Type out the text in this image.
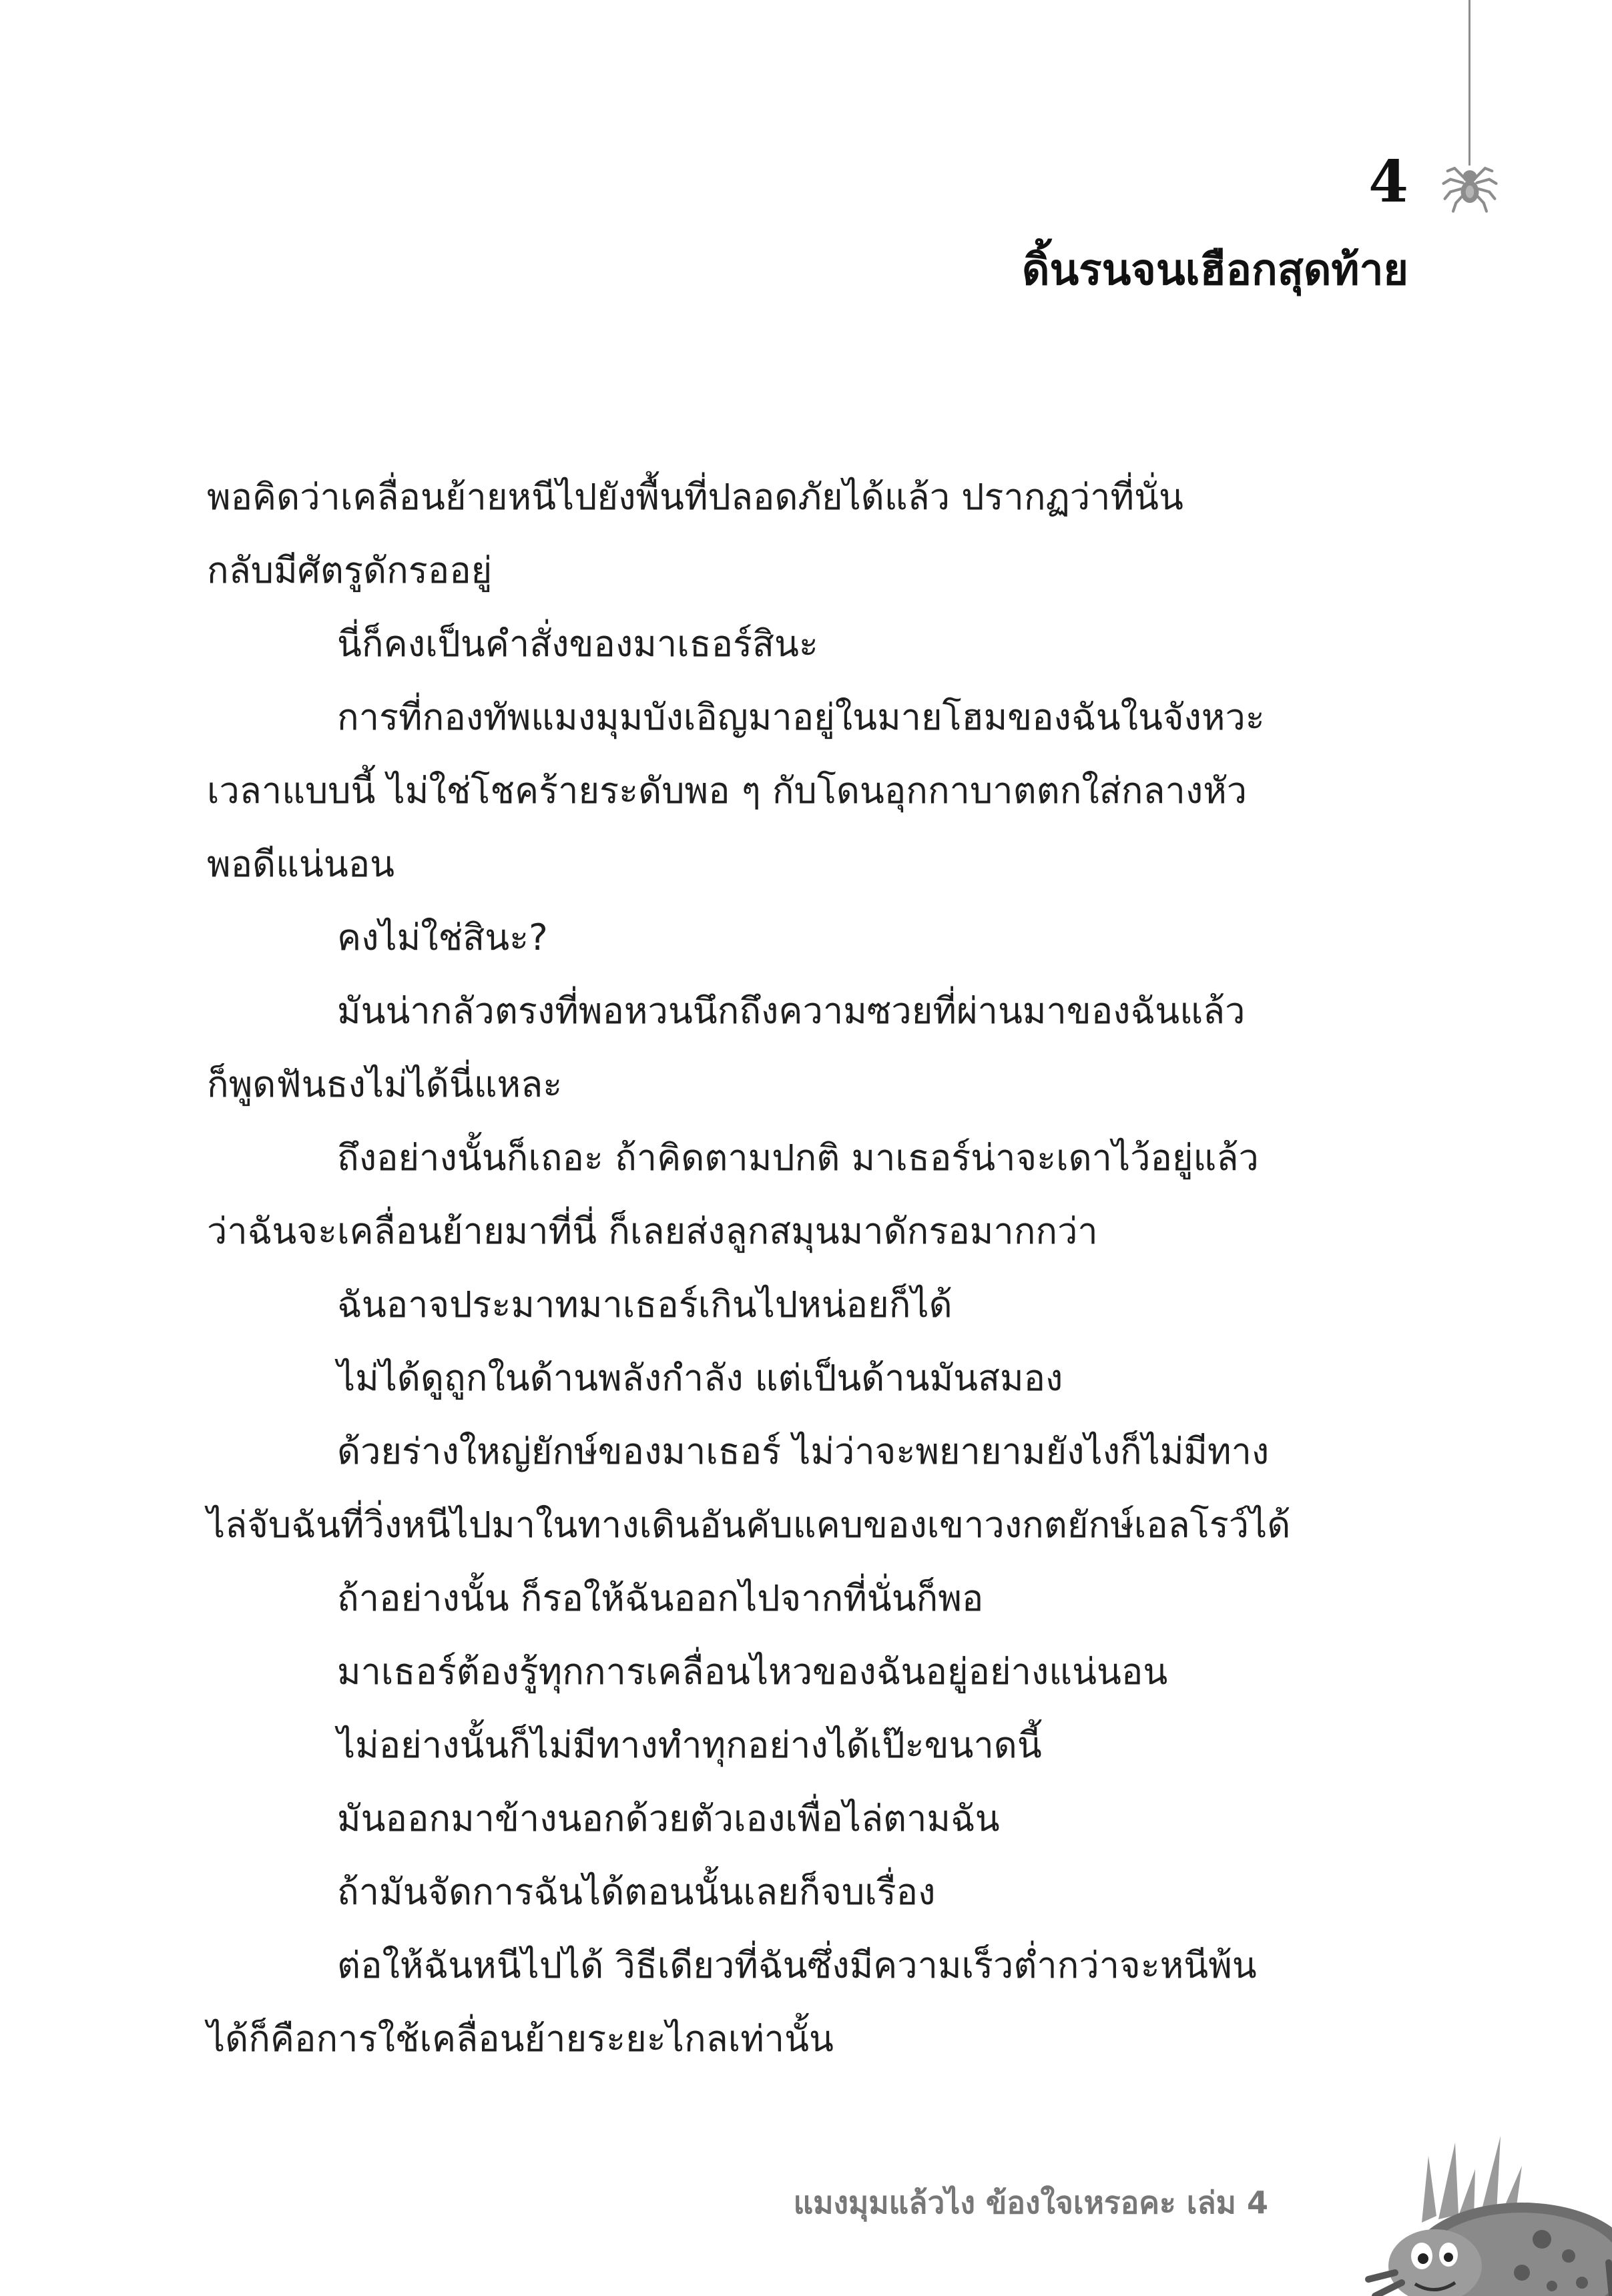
4
ดิ้นรนจนเฮือกสุดท้าย
พอคิดว่าเคลื่อนย้ายหนีไปยังพื้นที่ปลอดภัยได้แล้ว ปรากฏว่าที่นั่น
กลับมีศัตรูดักรออยู่
นี่ก็คงเป็นคำสั่งของมาเธอร์สินะ
การที่กองทัพแมงมุมบังเอิญมาอยู่ในมายโฮมของฉันในจังหวะ
เวลาแบบนี้ ไม่ใช่โชคร้ายระดับพอ ๆ กับโดนอุกกาบาตตกใส่กลางหัว
พอดีแน่นอน
คงไม่ใช่สินะ?
มันน่ากลัวตรงที่พอหวนนึกถึงความซวยที่ผ่านมาของฉันแล้ว
ก็พูดฟันธงไม่ได้นี่แหละ
ถึงอย่างนั้นก็เถอะ ถ้าคิดตามปกติ มาเธอร์น่าจะเดาไว้อยู่แล้ว
ว่าฉันจะเคลื่อนย้ายมาที่นี่ ก็เลยส่งลูกสมุนมาดักรอมากกว่า
ฉันอาจประมาทมาเธอร์เกินไปหน่อยก็ได้
ไม่ได้ดูถูกในด้านพลังกำลัง แต่เป็นด้านมันสมอง
ด้วยร่างใหญ่ยักษ์ของมาเธอร์ ไม่ว่าจะพยายามยังไงก็ไม่มีทาง
ไล่จับฉันที่วิ่งหนีไปมาในทางเดินอันคับแคบของเขาวงกตยักษ์เอลโรว์ได้
ถ้าอย่างนั้น ก็รอให้ฉันออกไปจากที่นั่นก็พอ
มาเธอร์ต้องรู้ทุกการเคลื่อนไหวของฉันอยู่อย่างแน่นอน
ไม่อย่างนั้นก็ไม่มีทางทำทุกอย่างได้เป๊ะขนาดนี้
มันออกมาข้างนอกด้วยตัวเองเพื่อไล่ตามฉัน
ถ้ามันจัดการฉันได้ตอนนั้นเลยก็จบเรื่อง
ต่อให้ฉันหนีไปได้ วิธีเดียวที่ฉันซึ่งมีความเร็วต่ำกว่าจะหนีพ้น
ได้ก็คือการใช้เคลื่อนย้ายระยะไกลเท่านั้น
แมงมุมแล้วไง ข้องใจเหรอคะ เล่ม 4
